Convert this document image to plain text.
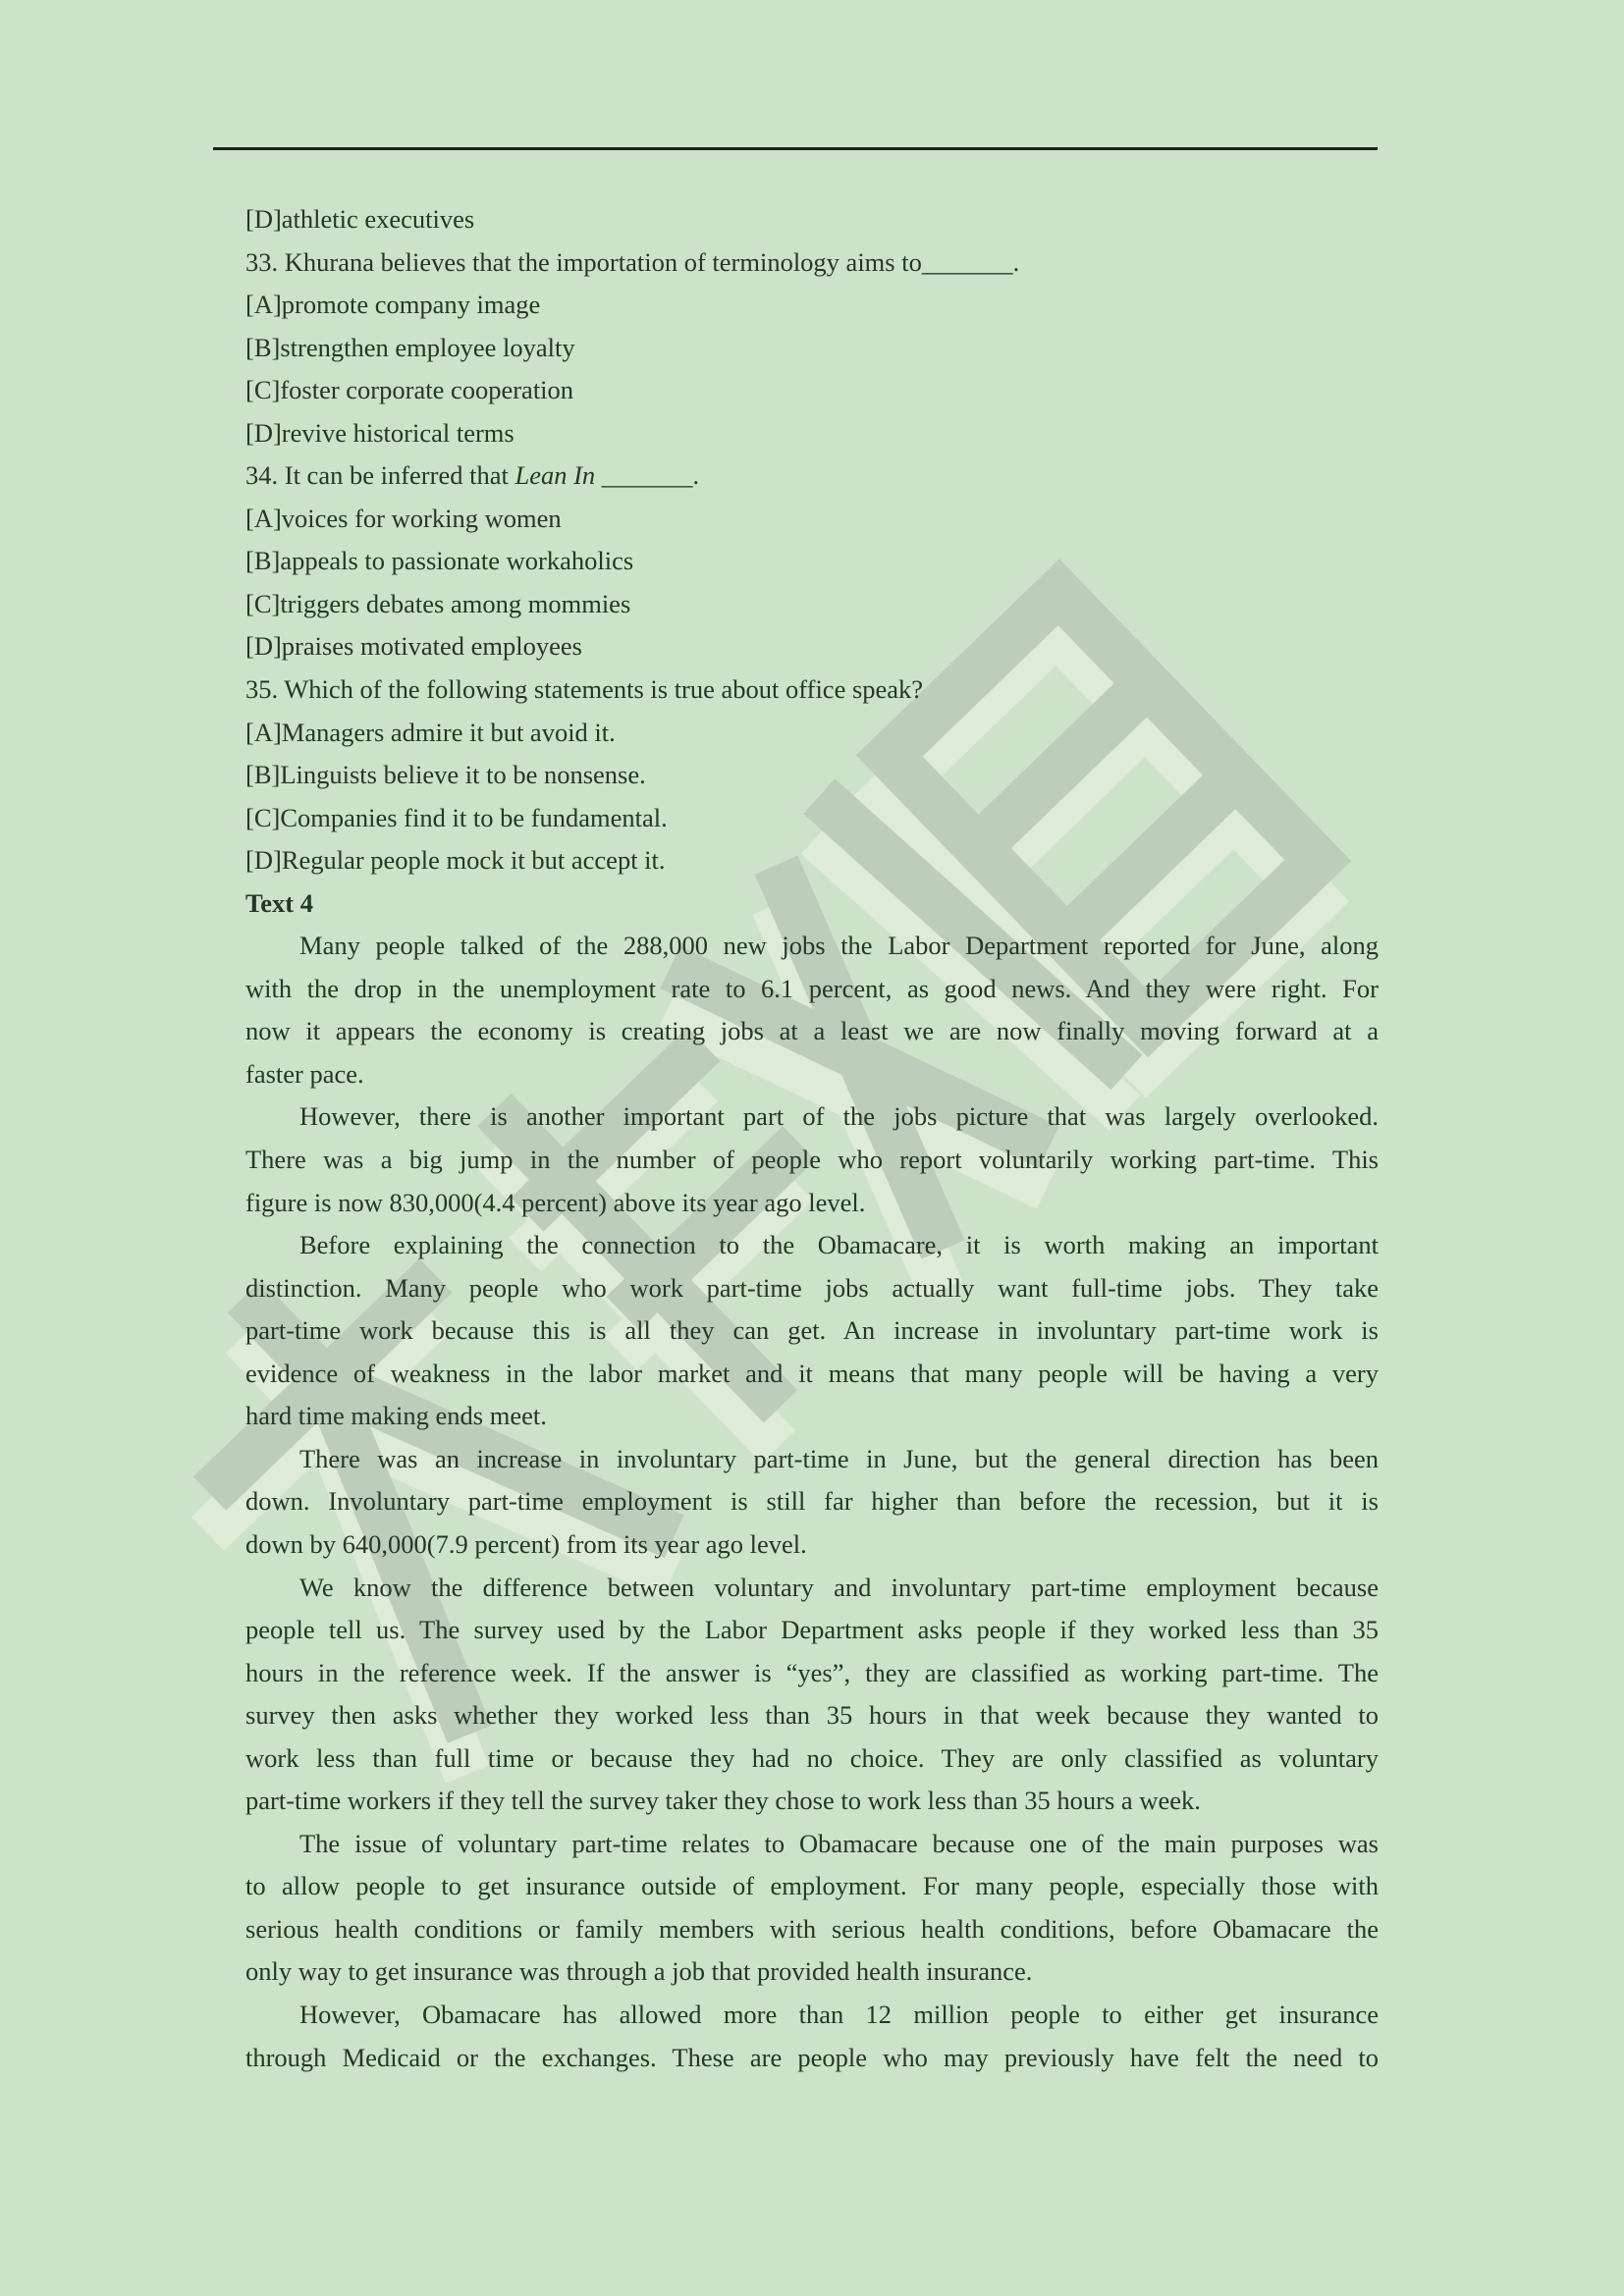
[D]athletic executives
33. Khurana believes that the importation of terminology aims to_______.
[A]promote company image
[B]strengthen employee loyalty
[C]foster corporate cooperation
[D]revive historical terms
34. It can be inferred that Lean In _______.
[A]voices for working women
[B]appeals to passionate workaholics
[C]triggers debates among mommies
[D]praises motivated employees
35. Which of the following statements is true about office speak?
[A]Managers admire it but avoid it.
[B]Linguists believe it to be nonsense.
[C]Companies find it to be fundamental.
[D]Regular people mock it but accept it.
Text 4
Many people talked of the 288,000 new jobs the Labor Department reported for June, along
with the drop in the unemployment rate to 6.1 percent, as good news. And they were right. For
now it appears the economy is creating jobs at a least we are now finally moving forward at a
faster pace.
However, there is another important part of the jobs picture that was largely overlooked.
There was a big jump in the number of people who report voluntarily working part-time. This
figure is now 830,000(4.4 percent) above its year ago level.
Before explaining the connection to the Obamacare, it is worth making an important
distinction. Many people who work part-time jobs actually want full-time jobs. They take
part-time work because this is all they can get. An increase in involuntary part-time work is
evidence of weakness in the labor market and it means that many people will be having a very
hard time making ends meet.
There was an increase in involuntary part-time in June, but the general direction has been
down. Involuntary part-time employment is still far higher than before the recession, but it is
down by 640,000(7.9 percent) from its year ago level.
We know the difference between voluntary and involuntary part-time employment because
people tell us. The survey used by the Labor Department asks people if they worked less than 35
hours in the reference week. If the answer is “yes”, they are classified as working part-time. The
survey then asks whether they worked less than 35 hours in that week because they wanted to
work less than full time or because they had no choice. They are only classified as voluntary
part-time workers if they tell the survey taker they chose to work less than 35 hours a week.
The issue of voluntary part-time relates to Obamacare because one of the main purposes was
to allow people to get insurance outside of employment. For many people, especially those with
serious health conditions or family members with serious health conditions, before Obamacare the
only way to get insurance was through a job that provided health insurance.
However, Obamacare has allowed more than 12 million people to either get insurance
through Medicaid or the exchanges. These are people who may previously have felt the need to
